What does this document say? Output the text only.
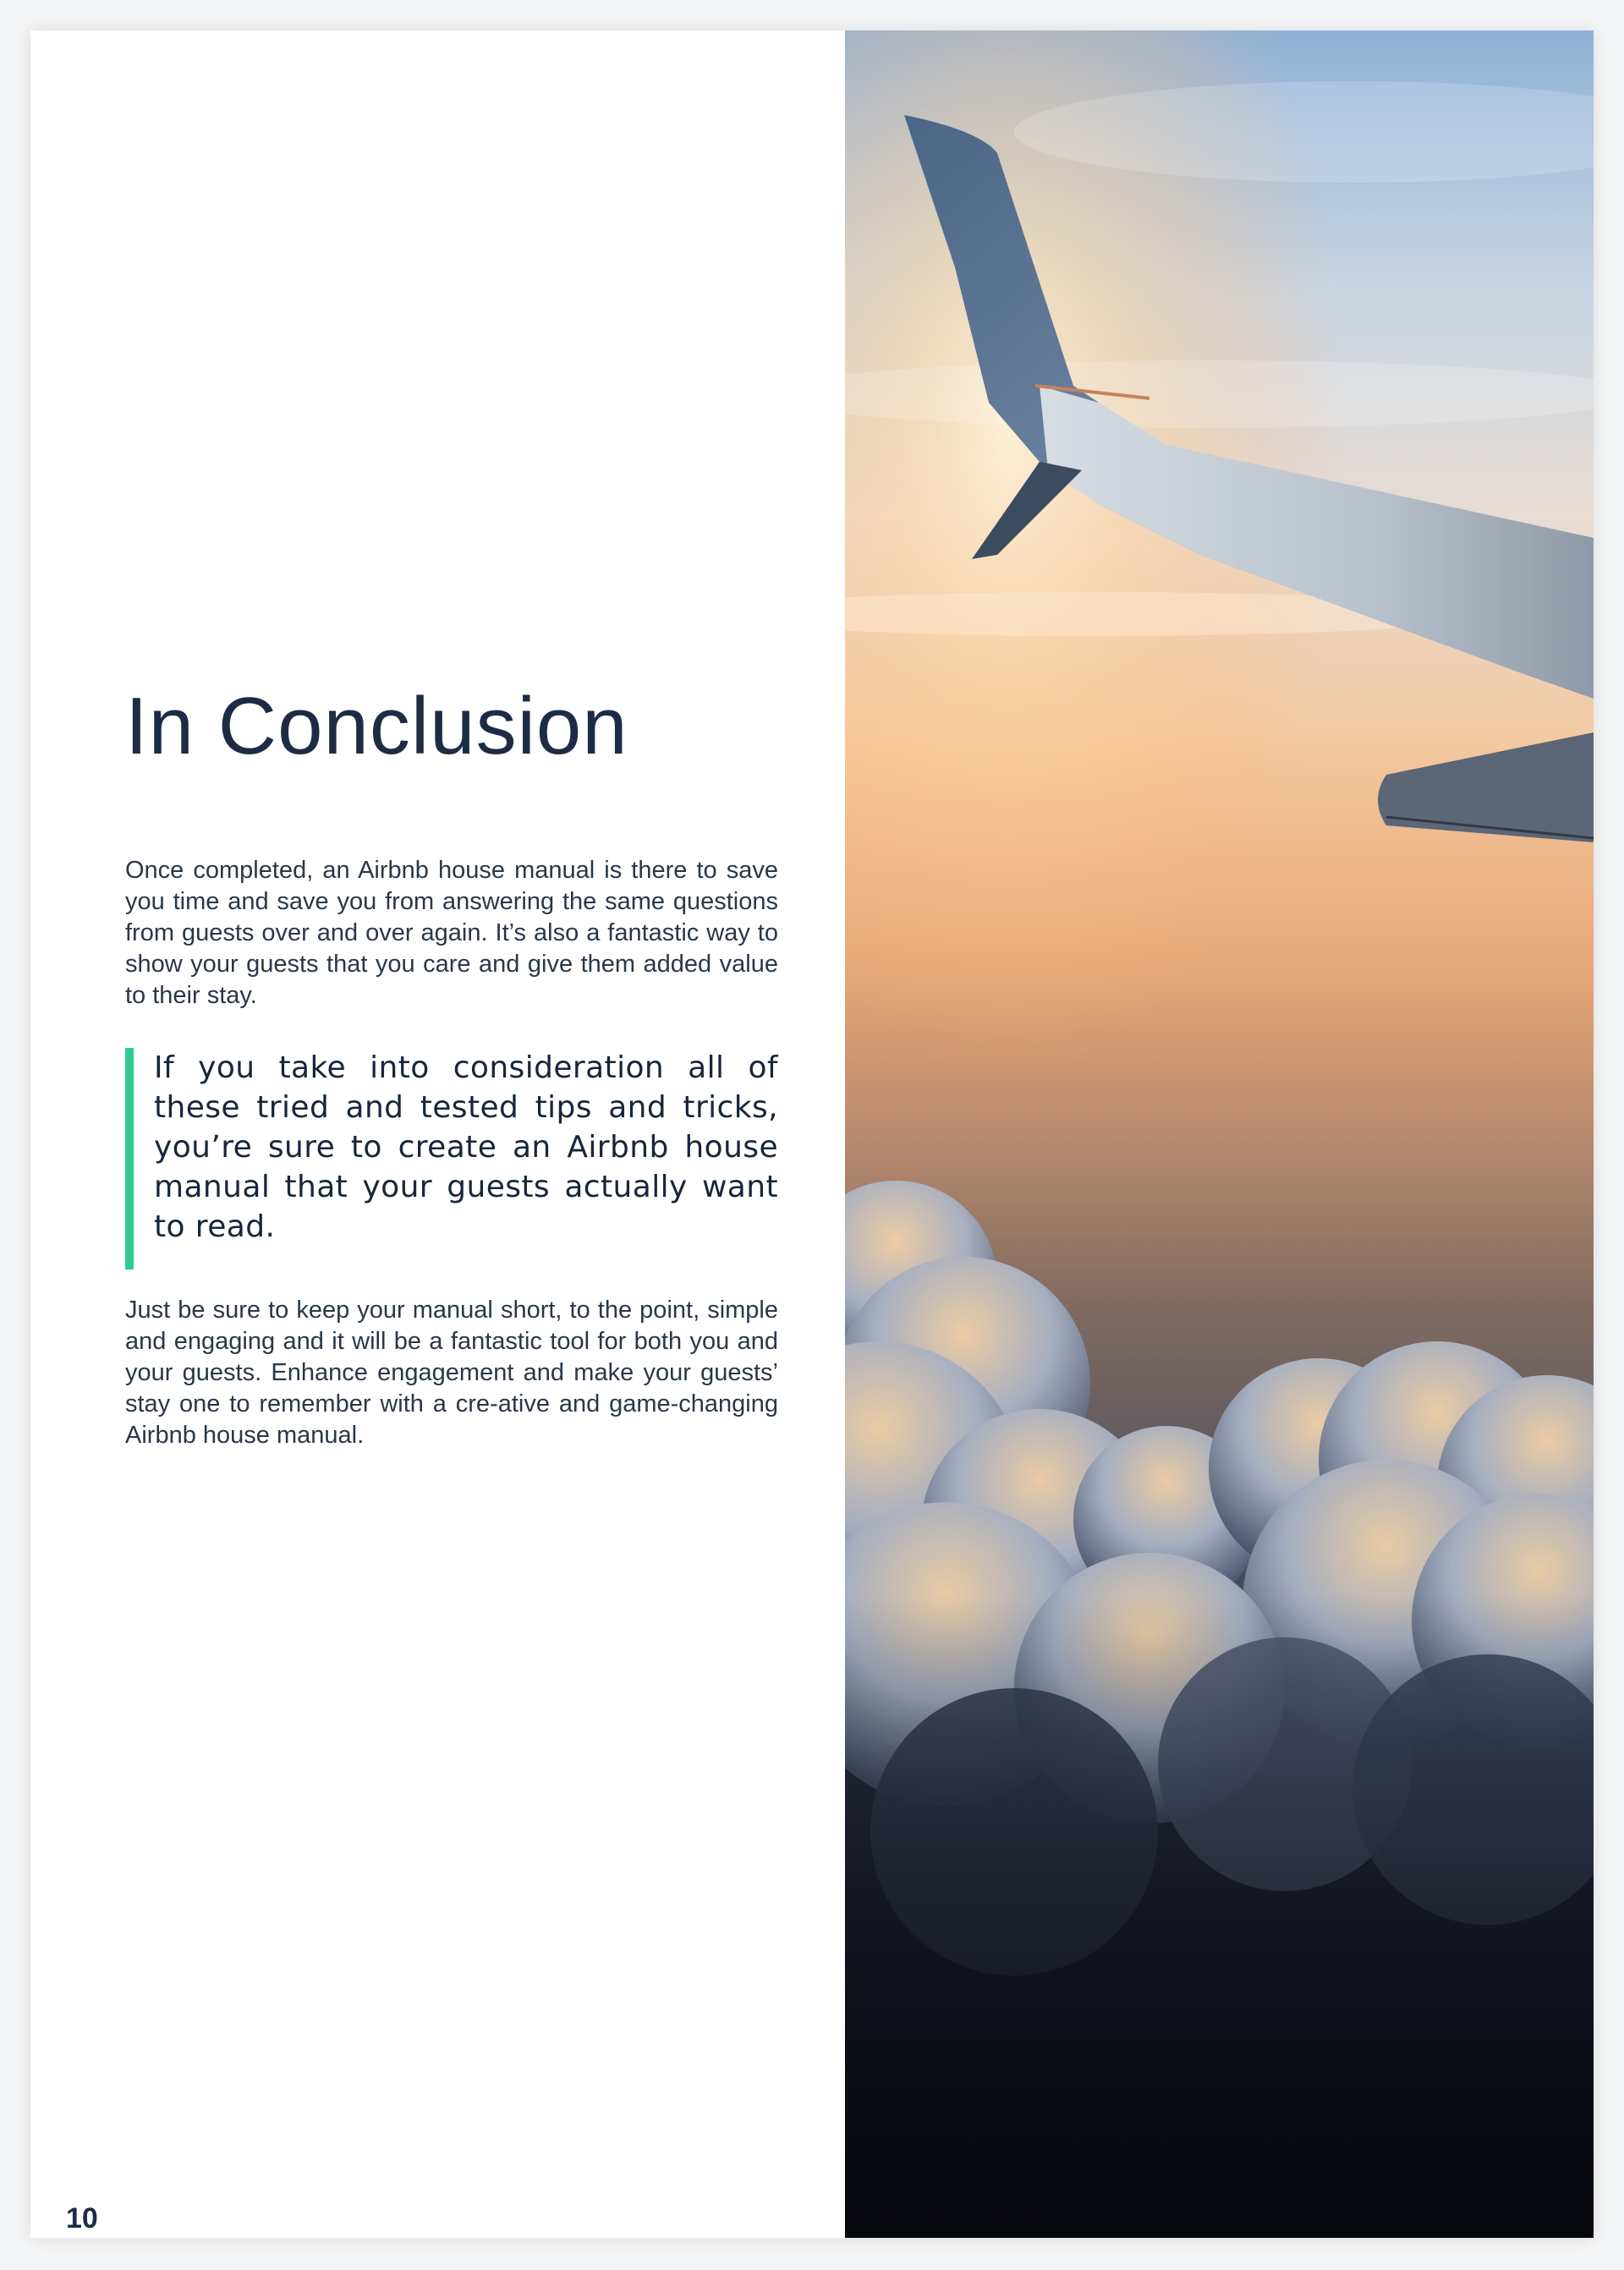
In Conclusion

Once completed, an Airbnb house manual is there to save you time and save you from answering the same questions from guests over and over again. It’s also a fantastic way to show your guests that you care and give them added value to their stay.

If you take into consideration all of these tried and tested tips and tricks, you’re sure to create an Airbnb house manual that your guests actually want to read.

Just be sure to keep your manual short, to the point, simple and engaging and it will be a fantastic tool for both you and your guests. Enhance engagement and make your guests’ stay one to remember with a cre-ative and game-changing Airbnb house manual.

10
